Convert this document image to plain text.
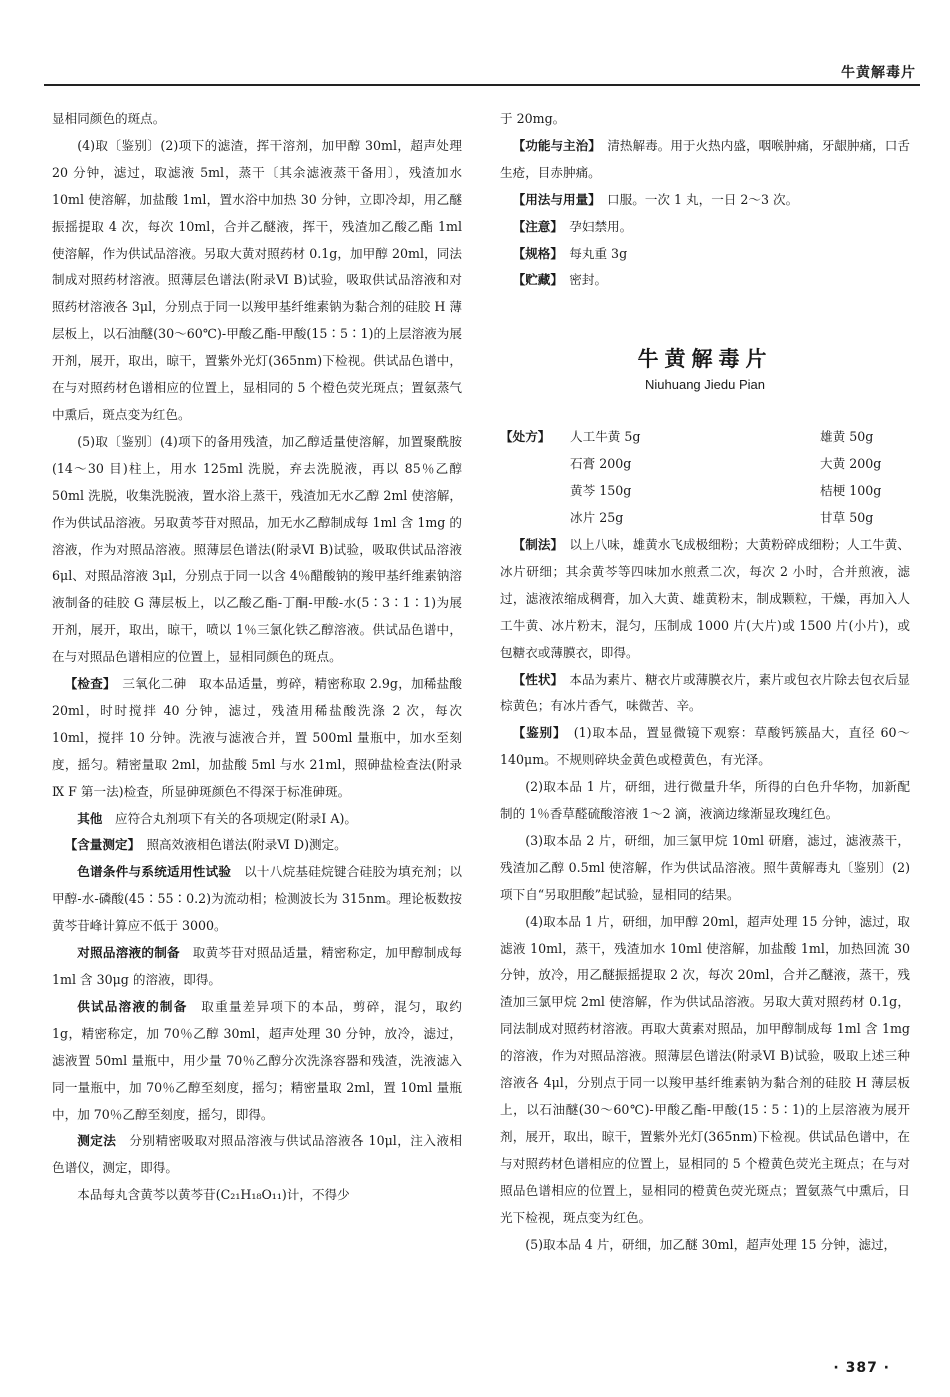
牛黄解毒片

显相同颜色的斑点。

(4)取〔鉴别〕(2)项下的滤渣，挥干溶剂，加甲醇 30ml，超声处理 20 分钟，滤过，取滤液 5ml，蒸干〔其余滤液蒸干备用〕，残渣加水 10ml 使溶解，加盐酸 1ml，置水浴中加热 30 分钟，立即冷却，用乙醚振摇提取 4 次，每次 10ml，合并乙醚液，挥干，残渣加乙酸乙酯 1ml 使溶解，作为供试品溶液。另取大黄对照药材 0.1g，加甲醇 20ml，同法制成对照药材溶液。照薄层色谱法(附录Ⅵ B)试验，吸取供试品溶液和对照药材溶液各 3μl，分别点于同一以羧甲基纤维素钠为黏合剂的硅胶 H 薄层板上，以石油醚(30～60℃)-甲酸乙酯-甲酸(15∶5∶1)的上层溶液为展开剂，展开，取出，晾干，置紫外光灯(365nm)下检视。供试品色谱中，在与对照药材色谱相应的位置上，显相同的 5 个橙色荧光斑点；置氨蒸气中熏后，斑点变为红色。

(5)取〔鉴别〕(4)项下的备用残渣，加乙醇适量使溶解，加置聚酰胺(14～30 目)柱上，用水 125ml 洗脱，弃去洗脱液，再以 85％乙醇 50ml 洗脱，收集洗脱液，置水浴上蒸干，残渣加无水乙醇 2ml 使溶解，作为供试品溶液。另取黄芩苷对照品，加无水乙醇制成每 1ml 含 1mg 的溶液，作为对照品溶液。照薄层色谱法(附录Ⅵ B)试验，吸取供试品溶液 6μl、对照品溶液 3μl，分别点于同一以含 4％醋酸钠的羧甲基纤维素钠溶液制备的硅胶 G 薄层板上，以乙酸乙酯-丁酮-甲酸-水(5∶3∶1∶1)为展开剂，展开，取出，晾干，喷以 1％三氯化铁乙醇溶液。供试品色谱中，在与对照品色谱相应的位置上，显相同颜色的斑点。

【检查】　 三氧化二砷　取本品适量，剪碎，精密称取 2.9g，加稀盐酸 20ml，时时搅拌 40 分钟，滤过，残渣用稀盐酸洗涤 2 次，每次 10ml，搅拌 10 分钟。洗液与滤液合并，置 500ml 量瓶中，加水至刻度，摇匀。精密量取 2ml，加盐酸 5ml 与水 21ml，照砷盐检查法(附录Ⅸ F 第一法)检查，所显砷斑颜色不得深于标准砷斑。

其他　 应符合丸剂项下有关的各项规定(附录Ⅰ A)。

【含量测定】　 照高效液相色谱法(附录Ⅵ D)测定。

色谱条件与系统适用性试验　 以十八烷基硅烷键合硅胶为填充剂；以甲醇-水-磷酸(45∶55∶0.2)为流动相；检测波长为 315nm。理论板数按黄芩苷峰计算应不低于 3000。

对照品溶液的制备　 取黄芩苷对照品适量，精密称定，加甲醇制成每 1ml 含 30μg 的溶液，即得。

供试品溶液的制备　 取重量差异项下的本品，剪碎，混匀，取约 1g，精密称定，加 70％乙醇 30ml，超声处理 30 分钟，放冷，滤过，滤液置 50ml 量瓶中，用少量 70％乙醇分次洗涤容器和残渣，洗液滤入同一量瓶中，加 70％乙醇至刻度，摇匀；精密量取 2ml，置 10ml 量瓶中，加 70％乙醇至刻度，摇匀，即得。

测定法　 分别精密吸取对照品溶液与供试品溶液各 10μl，注入液相色谱仪，测定，即得。

本品每丸含黄芩以黄芩苷(C₂₁H₁₈O₁₁)计，不得少

于 20mg。

【功能与主治】　 清热解毒。用于火热内盛，咽喉肿痛，牙龈肿痛，口舌生疮，目赤肿痛。

【用法与用量】　 口服。一次 1 丸，一日 2～3 次。

【注意】　 孕妇禁用。

【规格】　 每丸重 3g

【贮藏】　 密封。

牛黄解毒片
Niuhuang Jiedu Pian
【处方】	人工牛黄 5g	雄黄 50g
石膏 200g	大黄 200g
黄芩 150g	桔梗 100g
冰片 25g	甘草 50g

【制法】　 以上八味，雄黄水飞成极细粉；大黄粉碎成细粉；人工牛黄、冰片研细；其余黄芩等四味加水煎煮二次，每次 2 小时，合并煎液，滤过，滤液浓缩成稠膏，加入大黄、雄黄粉末，制成颗粒，干燥，再加入人工牛黄、冰片粉末，混匀，压制成 1000 片(大片)或 1500 片(小片)，或包糖衣或薄膜衣，即得。

【性状】　 本品为素片、糖衣片或薄膜衣片，素片或包衣片除去包衣后显棕黄色；有冰片香气，味微苦、辛。

【鉴别】　 (1)取本品，置显微镜下观察：草酸钙簇晶大，直径 60～140μm。不规则碎块金黄色或橙黄色，有光泽。

(2)取本品 1 片，研细，进行微量升华，所得的白色升华物，加新配制的 1％香草醛硫酸溶液 1～2 滴，液滴边缘渐显玫瑰红色。

(3)取本品 2 片，研细，加三氯甲烷 10ml 研磨，滤过，滤液蒸干，残渣加乙醇 0.5ml 使溶解，作为供试品溶液。照牛黄解毒丸〔鉴别〕(2)项下自“另取胆酸”起试验，显相同的结果。

(4)取本品 1 片，研细，加甲醇 20ml，超声处理 15 分钟，滤过，取滤液 10ml，蒸干，残渣加水 10ml 使溶解，加盐酸 1ml，加热回流 30 分钟，放冷，用乙醚振摇提取 2 次，每次 20ml，合并乙醚液，蒸干，残渣加三氯甲烷 2ml 使溶解，作为供试品溶液。另取大黄对照药材 0.1g，同法制成对照药材溶液。再取大黄素对照品，加甲醇制成每 1ml 含 1mg 的溶液，作为对照品溶液。照薄层色谱法(附录Ⅵ B)试验，吸取上述三种溶液各 4μl，分别点于同一以羧甲基纤维素钠为黏合剂的硅胶 H 薄层板上，以石油醚(30～60℃)-甲酸乙酯-甲酸(15∶5∶1)的上层溶液为展开剂，展开，取出，晾干，置紫外光灯(365nm)下检视。供试品色谱中，在与对照药材色谱相应的位置上，显相同的 5 个橙黄色荧光主斑点；在与对照品色谱相应的位置上，显相同的橙黄色荧光斑点；置氨蒸气中熏后，日光下检视，斑点变为红色。

(5)取本品 4 片，研细，加乙醚 30ml，超声处理 15 分钟，滤过，

· 387 ·
